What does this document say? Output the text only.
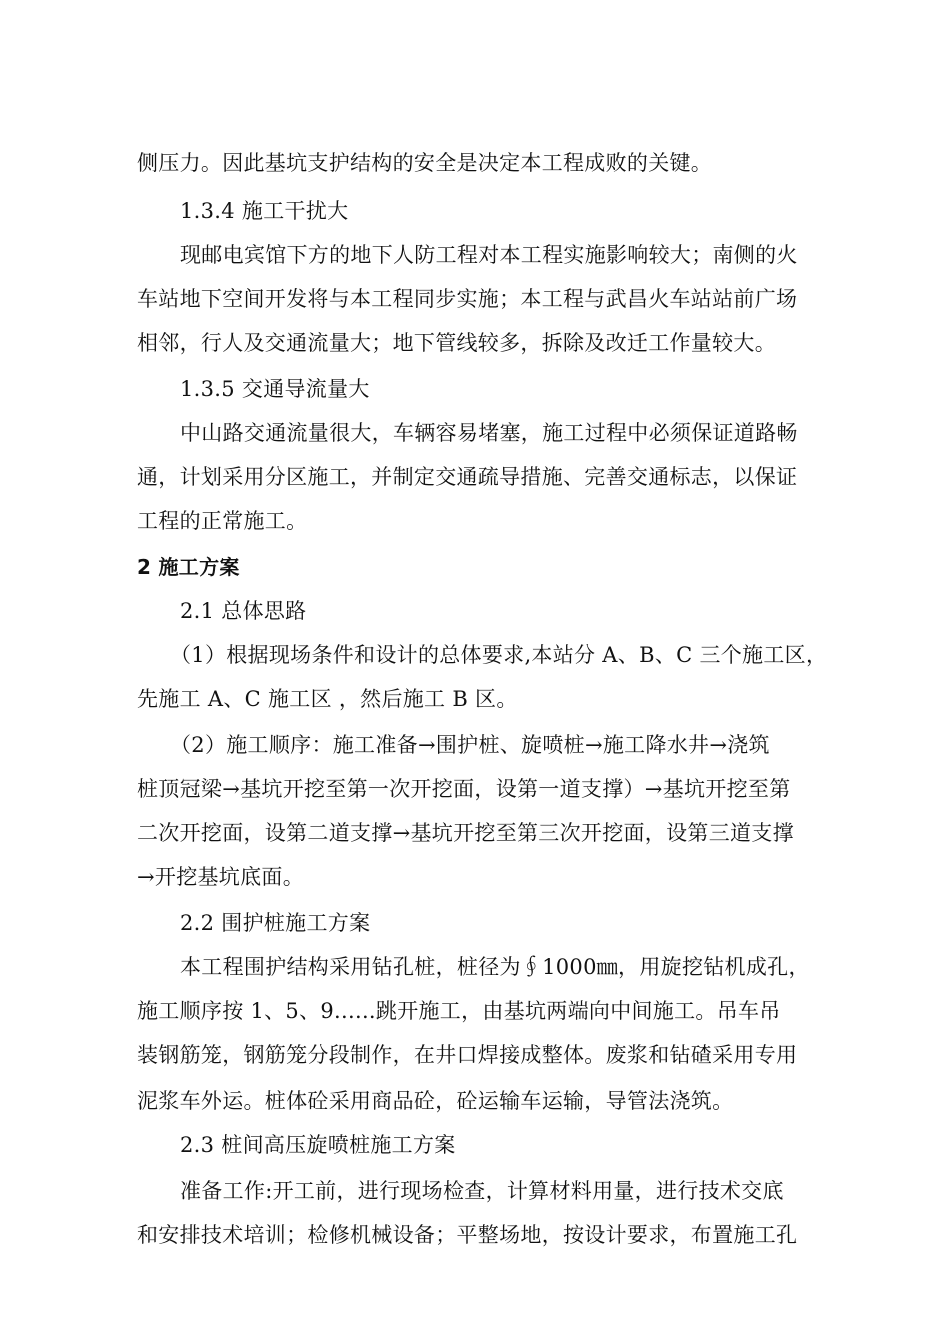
侧压力。因此基坑支护结构的安全是决定本工程成败的关键。
1.3.4 施工干扰大
现邮电宾馆下方的地下人防工程对本工程实施影响较大；南侧的火
车站地下空间开发将与本工程同步实施；本工程与武昌火车站站前广场
相邻，行人及交通流量大；地下管线较多，拆除及改迁工作量较大。
1.3.5 交通导流量大
中山路交通流量很大，车辆容易堵塞，施工过程中必须保证道路畅
通，计划采用分区施工，并制定交通疏导措施、完善交通标志，以保证
工程的正常施工。
2 施工方案
2.1 总体思路
（1）根据现场条件和设计的总体要求,本站分 A、B、C 三个施工区，
先施工 A、C 施工区 ，然后施工 B 区。
（2）施工顺序：施工准备→围护桩、旋喷桩→施工降水井→浇筑
桩顶冠梁→基坑开挖至第一次开挖面，设第一道支撑）→基坑开挖至第
二次开挖面，设第二道支撑→基坑开挖至第三次开挖面，设第三道支撑
→开挖基坑底面。
2.2 围护桩施工方案
本工程围护结构采用钻孔桩，桩径为∮1000㎜，用旋挖钻机成孔，
施工顺序按 1、5、9......跳开施工，由基坑两端向中间施工。吊车吊
装钢筋笼，钢筋笼分段制作，在井口焊接成整体。废浆和钻碴采用专用
泥浆车外运。桩体砼采用商品砼，砼运输车运输，导管法浇筑。
2.3 桩间高压旋喷桩施工方案
准备工作:开工前，进行现场检查，计算材料用量，进行技术交底
和安排技术培训；检修机械设备；平整场地，按设计要求，布置施工孔
